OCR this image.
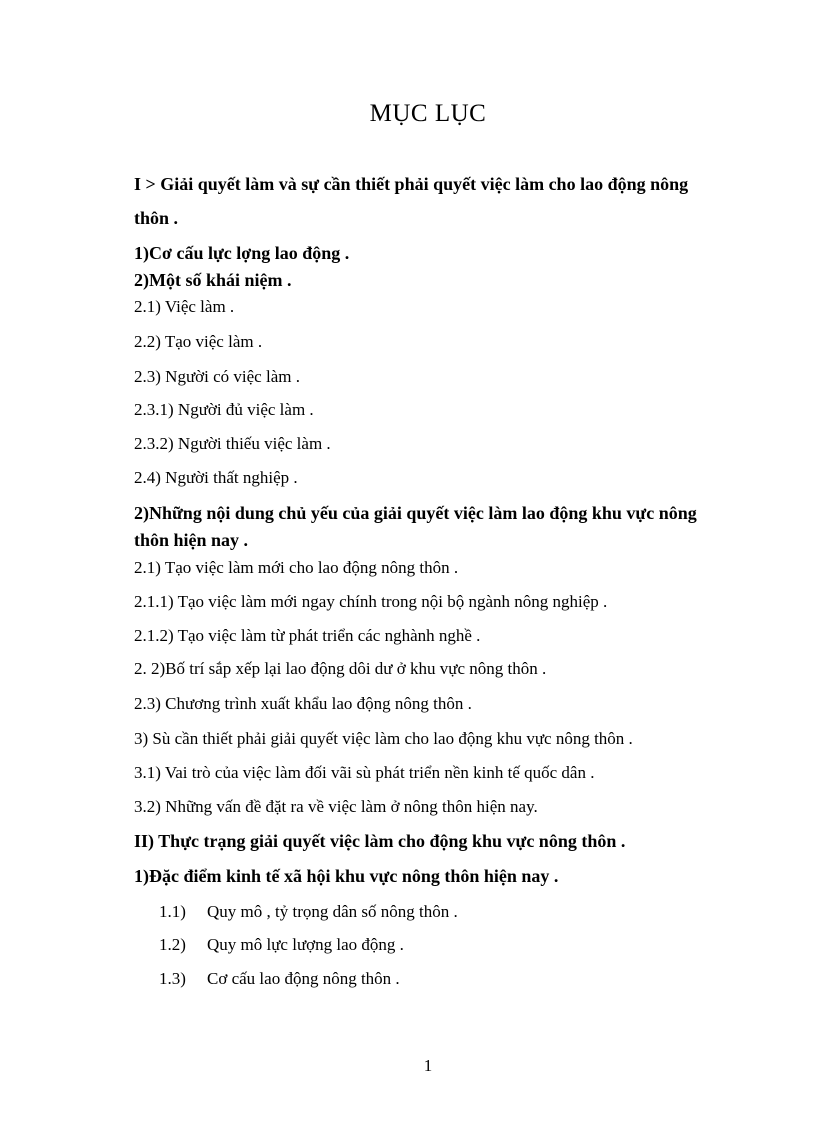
MỤC LỤC
I > Giải quyết làm và sự cần thiết phải quyết việc làm cho lao động nông
thôn .
1)Cơ cấu lực lợng lao động .
2)Một số khái niệm .
2.1) Việc làm .
2.2) Tạo việc làm .
2.3) Người có việc làm .
2.3.1) Người đủ việc làm .
2.3.2) Người thiếu việc làm .
2.4) Người thất nghiệp .
2)Những nội dung chủ yếu của giải quyết việc làm lao động khu vực nông
thôn hiện nay .
2.1) Tạo việc làm mới cho lao động nông thôn .
2.1.1) Tạo việc làm mới ngay chính trong nội bộ ngành nông nghiệp .
2.1.2) Tạo việc làm từ phát triển các nghành nghề .
2. 2)Bố trí sắp xếp lại lao động dôi dư ở khu vực nông thôn .
2.3) Chương trình xuất khẩu lao động nông thôn .
3) Sù cần thiết phải giải quyết việc làm cho lao động khu vực nông thôn .
3.1) Vai trò của việc làm đối vãi sù phát triển nền kinh tế quốc dân .
3.2) Những vấn đề đặt ra về việc làm ở nông thôn hiện nay.
II) Thực trạng giải quyết việc làm cho động khu vực nông thôn .
1)Đặc điểm kinh tế xã hội khu vực nông thôn hiện nay .
1.1) Quy mô , tỷ trọng dân số nông thôn .
1.2) Quy mô lực lượng lao động .
1.3) Cơ cấu lao động nông thôn .
1
